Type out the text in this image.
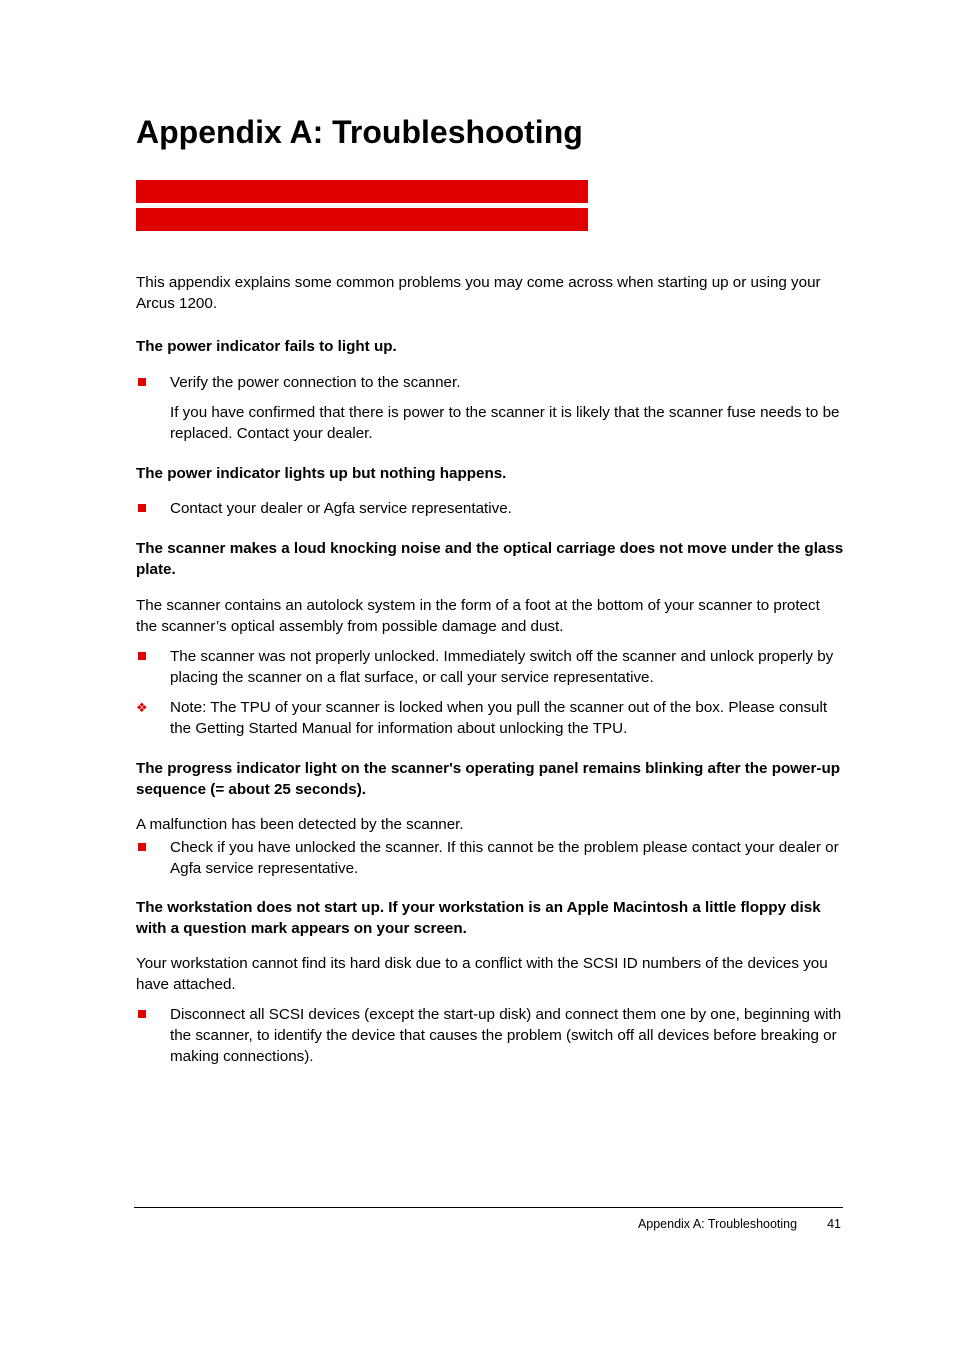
Appendix A: Troubleshooting

This appendix explains some common problems you may come across when starting up or using your Arcus 1200.

The power indicator fails to light up.

Verify the power connection to the scanner.

If you have confirmed that there is power to the scanner it is likely that the scanner fuse needs to be replaced. Contact your dealer.

The power indicator lights up but nothing happens.

Contact your dealer or Agfa service representative.

The scanner makes a loud knocking noise and the optical carriage does not move under the glass plate.

The scanner contains an autolock system in the form of a foot at the bottom of your scanner to protect the scanner’s optical assembly from possible damage and dust.

The scanner was not properly unlocked. Immediately switch off the scanner and unlock properly by placing the scanner on a flat surface, or call your service representative.
❖ Note: The TPU of your scanner is locked when you pull the scanner out of the box. Please consult the Getting Started Manual for information about unlocking the TPU.

The progress indicator light on the scanner's operating panel remains blinking after the power-up sequence (= about 25 seconds).

A malfunction has been detected by the scanner.

Check if you have unlocked the scanner. If this cannot be the problem please contact your dealer or Agfa service representative.

The workstation does not start up. If your workstation is an Apple Macintosh a little floppy disk with a question mark appears on your screen.

Your workstation cannot find its hard disk due to a conflict with the SCSI ID numbers of the devices you have attached.

Disconnect all SCSI devices (except the start-up disk) and connect them one by one, beginning with the scanner, to identify the device that causes the problem (switch off all devices before breaking or making connections).
Appendix A: Troubleshooting 41
